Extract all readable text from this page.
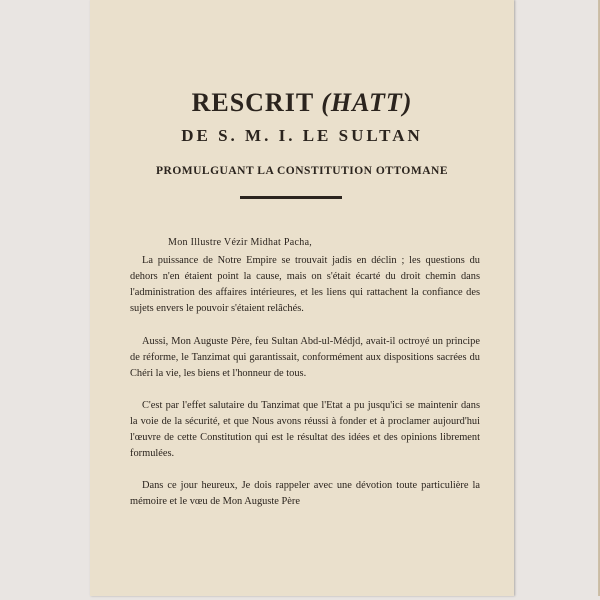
RESCRIT (HATT)
DE S. M. I. LE SULTAN
PROMULGUANT LA CONSTITUTION OTTOMANE
Mon Illustre Vézir Midhat Pacha,

La puissance de Notre Empire se trouvait jadis en déclin ; les questions du dehors n'en étaient point la cause, mais on s'était écarté du droit chemin dans l'administration des affaires intérieures, et les liens qui rattachent la confiance des sujets envers le pouvoir s'étaient relâchés.

Aussi, Mon Auguste Père, feu Sultan Abd-ul-Médjd, avait-il octroyé un principe de réforme, le Tanzimat qui garantissait, conformément aux dispositions sacrées du Chéri la vie, les biens et l'honneur de tous.

C'est par l'effet salutaire du Tanzimat que l'Etat a pu jusqu'ici se maintenir dans la voie de la sécurité, et que Nous avons réussi à fonder et à proclamer aujourd'hui l'œuvre de cette Constitution qui est le résultat des idées et des opinions librement formulées.

Dans ce jour heureux, Je dois rappeler avec une dévotion toute particulière la mémoire et le vœu de Mon Auguste Père
